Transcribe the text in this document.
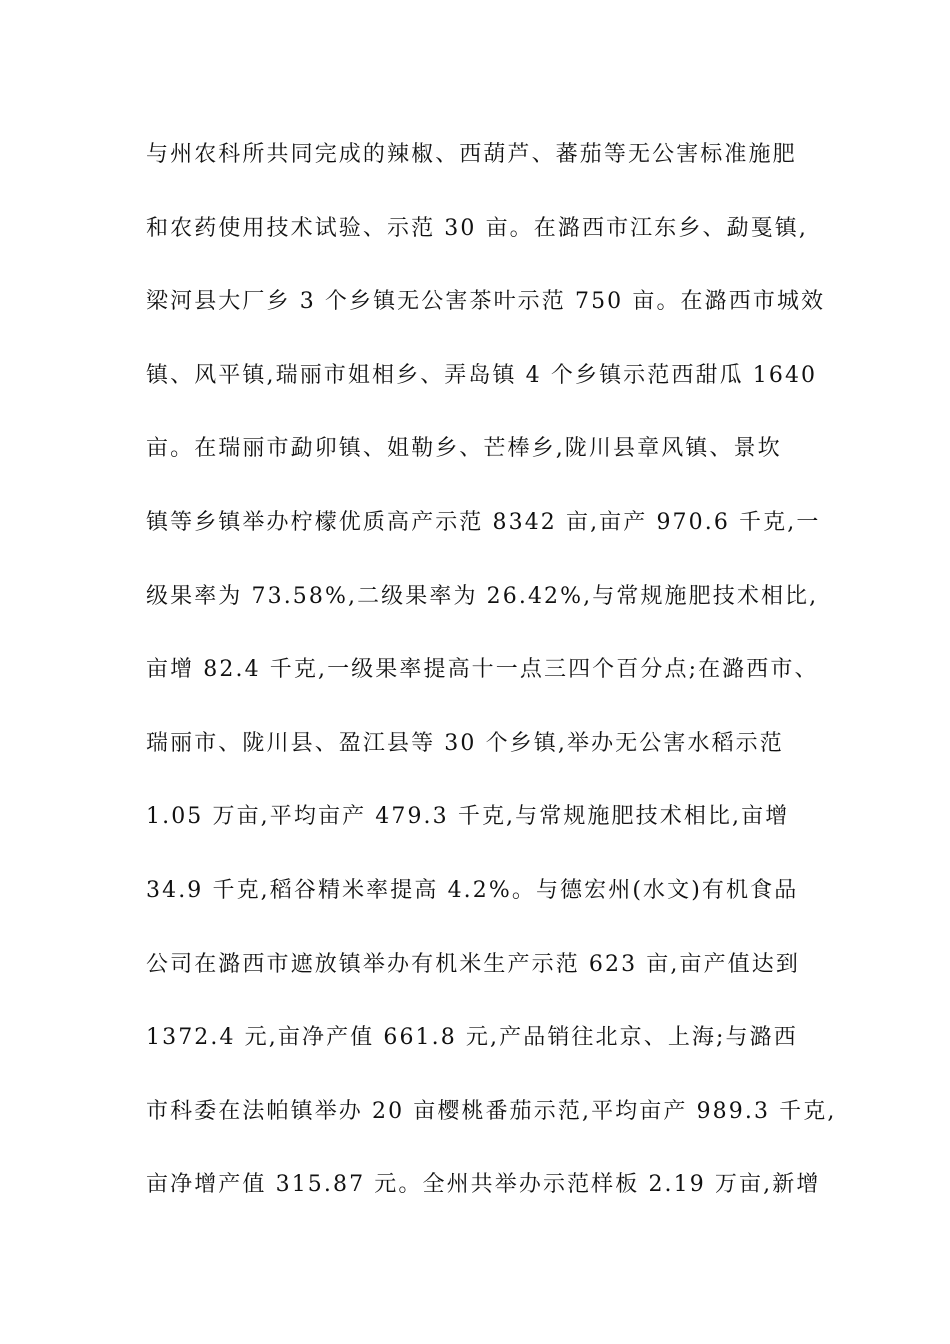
与州农科所共同完成的辣椒、西葫芦、蕃茄等无公害标准施肥
和农药使用技术试验、示范 30 亩。在潞西市江东乡、勐戛镇,
梁河县大厂乡 3 个乡镇无公害茶叶示范 750 亩。在潞西市城效
镇、风平镇,瑞丽市姐相乡、弄岛镇 4 个乡镇示范西甜瓜 1640
亩。在瑞丽市勐卯镇、姐勒乡、芒棒乡,陇川县章风镇、景坎
镇等乡镇举办柠檬优质高产示范 8342 亩,亩产 970.6 千克,一
级果率为 73.58%,二级果率为 26.42%,与常规施肥技术相比,
亩增 82.4 千克,一级果率提高十一点三四个百分点;在潞西市、
瑞丽市、陇川县、盈江县等 30 个乡镇,举办无公害水稻示范
1.05 万亩,平均亩产 479.3 千克,与常规施肥技术相比,亩增
34.9 千克,稻谷精米率提高 4.2%。与德宏州(水文)有机食品
公司在潞西市遮放镇举办有机米生产示范 623 亩,亩产值达到
1372.4 元,亩净产值 661.8 元,产品销往北京、上海;与潞西
市科委在法帕镇举办 20 亩樱桃番茄示范,平均亩产 989.3 千克,
亩净增产值 315.87 元。全州共举办示范样板 2.19 万亩,新增
